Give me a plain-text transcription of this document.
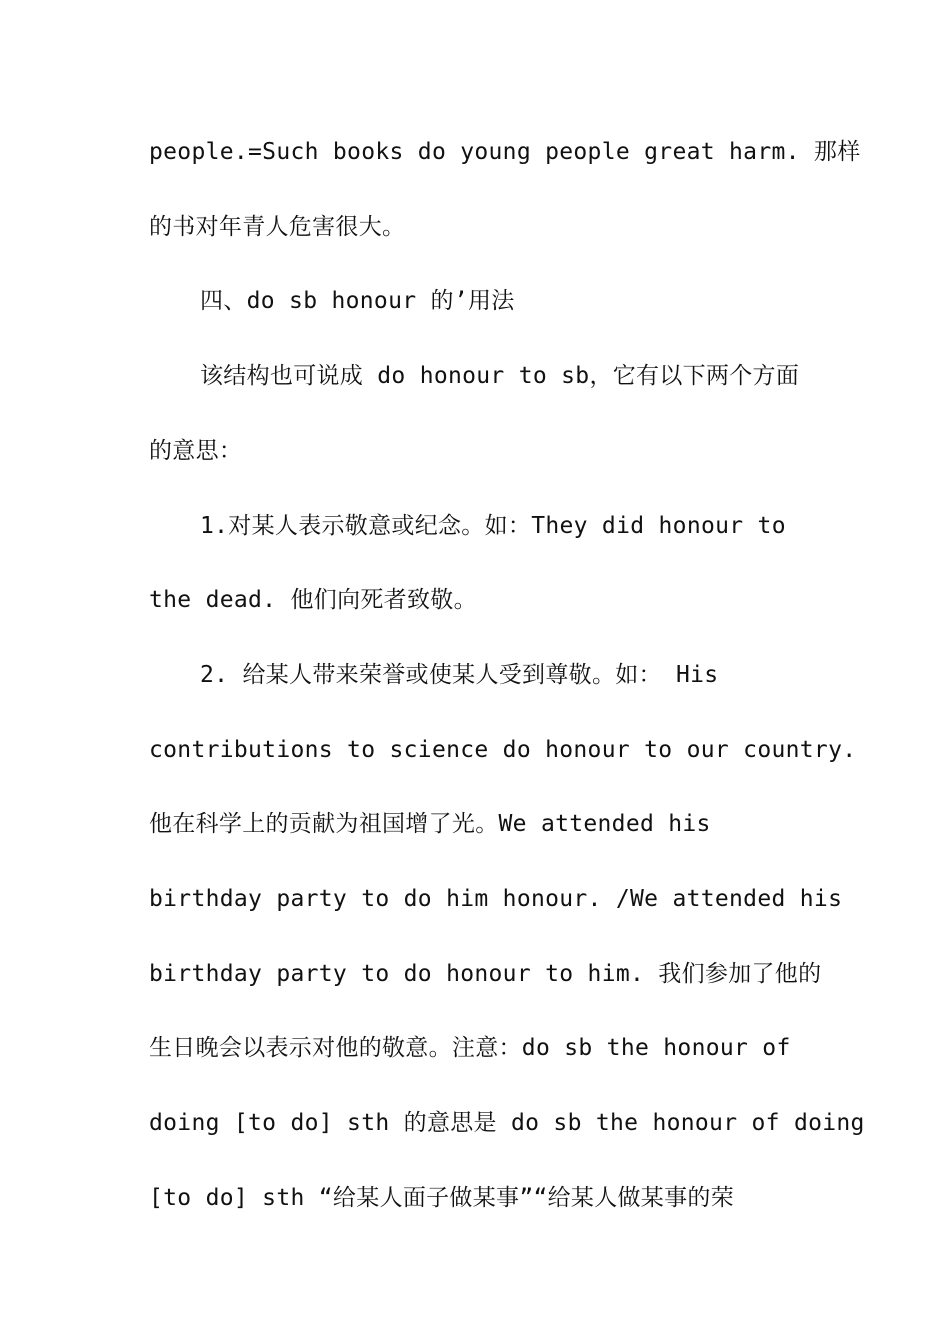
people.=Such books do young people great harm. 那样
的书对年青人危害很大。
四、do sb honour 的’用法
该结构也可说成 do honour to sb，它有以下两个方面
的意思：
1.对某人表示敬意或纪念。如：They did honour to
the dead. 他们向死者致敬。
2. 给某人带来荣誉或使某人受到尊敬。如： His
contributions to science do honour to our country.
他在科学上的贡献为祖国增了光。We attended his
birthday party to do him honour. /We attended his
birthday party to do honour to him. 我们参加了他的
生日晚会以表示对他的敬意。注意：do sb the honour of
doing [to do] sth 的意思是 do sb the honour of doing
[to do] sth “给某人面子做某事”“给某人做某事的荣
